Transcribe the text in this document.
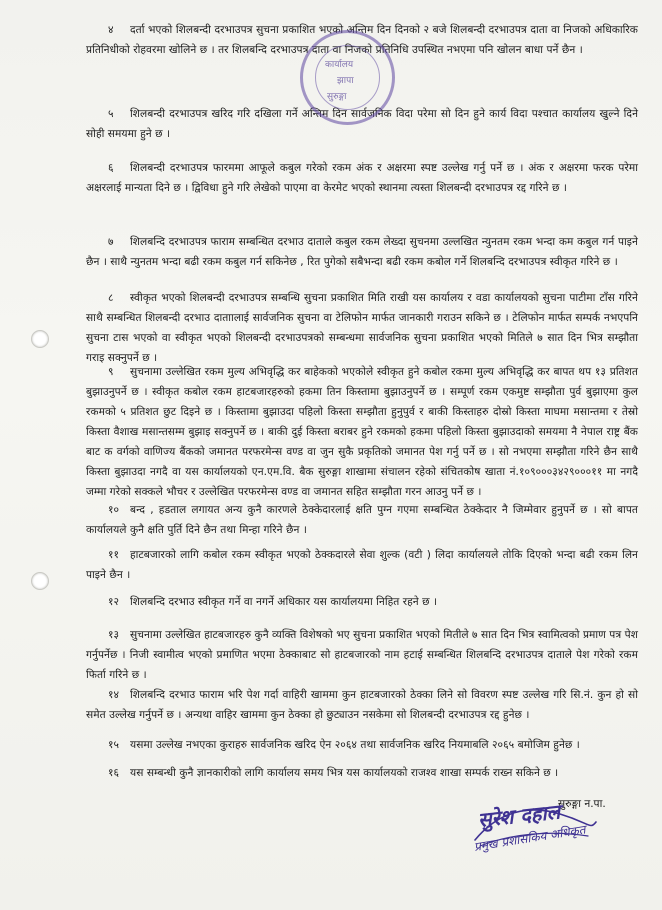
४ दर्ता भएको शिलबन्दी दरभाउपत्र सुचना प्रकाशित भएको अन्तिम दिन दिनको २ बजे शिलबन्दी दरभाउपत्र दाता वा निजको अधिकारिक प्रतिनिधीको रोहवरमा खोलिने छ । तर शिलबन्दि दरभाउपत्र दाता वा निजको प्रतिनिधि उपस्थित नभएमा पनि खोलन बाधा पर्ने छैन ।
५ शिलबन्दी दरभाउपत्र खरिद गरि दखिला गर्ने अन्तिम दिन सार्वजनिक विदा परेमा सो दिन हुने कार्य विदा पश्चात कार्यालय खुल्ने दिने सोही समयमा हुने छ ।
६ शिलबन्दी दरभाउपत्र फारममा आफूले कबुल गरेको रकम अंक र अक्षरमा स्पष्ट उल्लेख गर्नु पर्ने छ । अंक र अक्षरमा फरक परेमा अक्षरलाई मान्यता दिने छ । द्विविधा हुने गरि लेखेको पाएमा वा केरमेट भएको स्थानमा त्यस्ता शिलबन्दी दरभाउपत्र रद्द गरिने छ ।
७ शिलबन्दि दरभाउपत्र फाराम सम्बन्धित दरभाउ दाताले कबुल रकम लेख्दा सुचनमा उल्लखित न्युनतम रकम भन्दा कम कबुल गर्न पाइने छैन । साथै न्युनतम भन्दा बढी रकम कबुल गर्न सकिनेछ , रित पुगेको सबैभन्दा बढी रकम कबोल गर्ने शिलबन्दि दरभाउपत्र स्वीकृत गरिने छ ।
८ स्वीकृत भएको शिलबन्दी दरभाउपत्र सम्बन्धि सुचना प्रकाशित मिति राखी यस कार्यालय र वडा कार्यालयको सुचना पाटीमा टाँस गरिने साथै सम्बन्धित शिलबन्दी दरभाउ दाताालाई सार्वजनिक सुचना वा टेलिफोन मार्फत जानकारी गराउन सकिने छ । टेलिफोन मार्फत सम्पर्क नभएपनि सुचना टास भएको वा स्वीकृत भएको शिलबन्दी दरभाउपत्रको सम्बन्धमा सार्वजनिक सुचना प्रकाशित भएको मितिले ७ सात दिन भित्र सम्झौता गराइ सक्नुपर्ने छ ।
९ सुचनामा उल्लेखित रकम मुल्य अभिवृद्धि कर बाहेकको भएकोले स्वीकृत हुने कबोल रकमा मुल्य अभिवृद्धि कर बापत थप १३ प्रतिशत बुझाउनुपर्ने छ । स्वीकृत कबोल रकम हाटबजारहरुको हकमा तिन किस्तामा बुझाउनुपर्ने छ । सम्पूर्ण रकम एकमुष्ट सम्झौता पुर्व बुझाएमा कुल रकमको ५ प्रतिशत छुट दिइने छ । किस्तामा बुझाउदा पहिलो किस्ता सम्झौता हुनुपुर्व र बाकी किस्ताहरु दोस्रो किस्ता माघमा मसान्तमा र तेस्रो किस्ता वैशाख मसान्तसम्म बुझाइ सक्नुपर्ने छ । बाकी दुई किस्ता बराबर हुने रकमको हकमा पहिलो किस्ता बुझाउदाको समयमा नै नेपाल राष्ट्र बैंक बाट क वर्गको वाणिज्य बैंकको जमानत परफरमेन्स वण्ड वा जुन सुकै प्रकृतिको जमानत पेश गर्नु पर्ने छ । सो नभएमा सम्झौता गरिने छैन साथै किस्ता बुझाउदा नगदै वा यस कार्यालयको एन.एम.वि. बैक सुरुङ्गा शाखामा संचालन रहेको संचितकोष खाता नं.१०९०००३४२९०००११ मा नगदै जम्मा गरेको सक्कले भौचर र उल्लेखित परफरमेन्स वण्ड वा जमानत सहित सम्झौता गरन आउनु पर्ने छ ।
१० बन्द , हडताल लगायत अन्य कुनै कारणले ठेक्केदारलाई क्षति पुग्न गएमा सम्बन्धित ठेक्केदार नै जिम्मेवार हुनुपर्ने छ । सो बापत कार्यालयले कुनै क्षति पुर्ति दिने छैन तथा मिन्हा गरिने छैन ।
११ हाटबजारको लागि कबोल रकम स्वीकृत भएको ठेक्कदारले सेवा शुल्क (वटी ) लिदा कार्यालयले तोकि दिएको भन्दा बढी रकम लिन पाइने छैन ।
१२ शिलबन्दि दरभाउ स्वीकृत गर्ने वा नगर्ने अधिकार यस कार्यालयमा निहित रहने छ ।
१३ सुचनामा उल्लेखित हाटबजारहरु कुनै व्यक्ति विशेषको भए सुचना प्रकाशित भएको मितीले ७ सात दिन भित्र स्वामित्वको प्रमाण पत्र पेश गर्नुपर्नेछ । निजी स्वामीत्व भएको प्रमाणित भएमा ठेक्काबाट सो हाटबजारको नाम हटाई सम्बन्धित शिलबन्दि दरभाउपत्र दाताले पेश गरेको रकम फिर्ता गरिने छ ।
१४ शिलबन्दि दरभाउ फाराम भरि पेश गर्दा वाहिरी खाममा कुन हाटबजारको ठेक्का लिने सो विवरण स्पष्ट उल्लेख गरि सि.नं. कुन हो सो समेत उल्लेख गर्नुपर्ने छ । अन्यथा वाहिर खाममा कुन ठेक्का हो छुट्याउन नसकेमा सो शिलबन्दी दरभाउपत्र रद्द हुनेछ ।
१५ यसमा उल्लेख नभएका कुराहरु सार्वजनिक खरिद ऐन २०६४ तथा सार्वजनिक खरिद नियमाबलि २०६५ बमोजिम हुनेछ ।
१६ यस सम्बन्धी कुनै ज्ञानकारीको लागि कार्यालय समय भित्र यस कार्यालयको राजश्व शाखा सम्पर्क राख्न सकिने छ ।
कार्यालय
झापा
सुरुङ्गा
सुरुङ्गा न.पा.
सुरेश दहाल
प्रमुख प्रशासकिय अधिकृत
